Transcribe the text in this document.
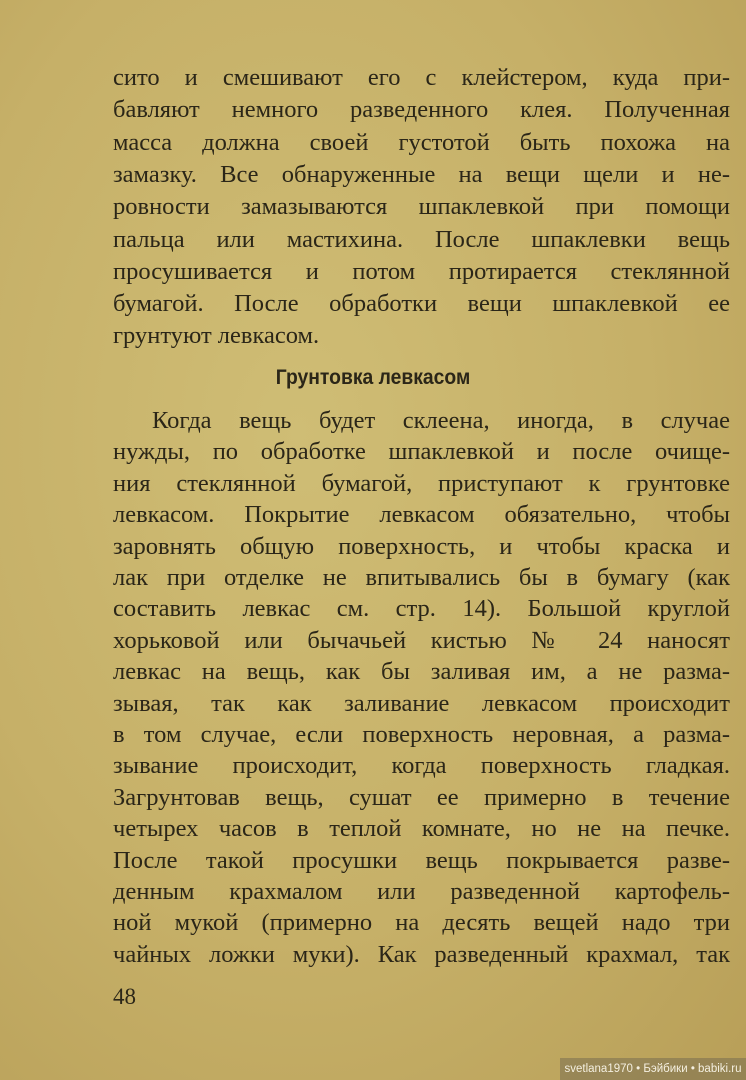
сито и смешивают его с клейстером, куда при-
бавляют немного разведенного клея. Полученная
масса должна своей густотой быть похожа на
замазку. Все обнаруженные на вещи щели и не-
ровности замазываются шпаклевкой при помощи
пальца или мастихина. После шпаклевки вещь
просушивается и потом протирается стеклянной
бумагой. После обработки вещи шпаклевкой ее
грунтуют левкасом.
Грунтовка левкасом
Когда вещь будет склеена, иногда, в случае
нужды, по обработке шпаклевкой и после очище-
ния стеклянной бумагой, приступают к грунтовке
левкасом. Покрытие левкасом обязательно, чтобы
заровнять общую поверхность, и чтобы краска и
лак при отделке не впитывались бы в бумагу (как
составить левкас см. стр. 14). Большой круглой
хорьковой или бычачьей кистью № 24 наносят
левкас на вещь, как бы заливая им, а не разма-
зывая, так как заливание левкасом происходит
в том случае, если поверхность неровная, а разма-
зывание происходит, когда поверхность гладкая.
Загрунтовав вещь, сушат ее примерно в течение
четырех часов в теплой комнате, но не на печке.
После такой просушки вещь покрывается разве-
денным крахмалом или разведенной картофель-
ной мукой (примерно на десять вещей надо три
чайных ложки муки). Как разведенный крахмал, так
48
svetlana1970 • Бэйбики • babiki.ru
